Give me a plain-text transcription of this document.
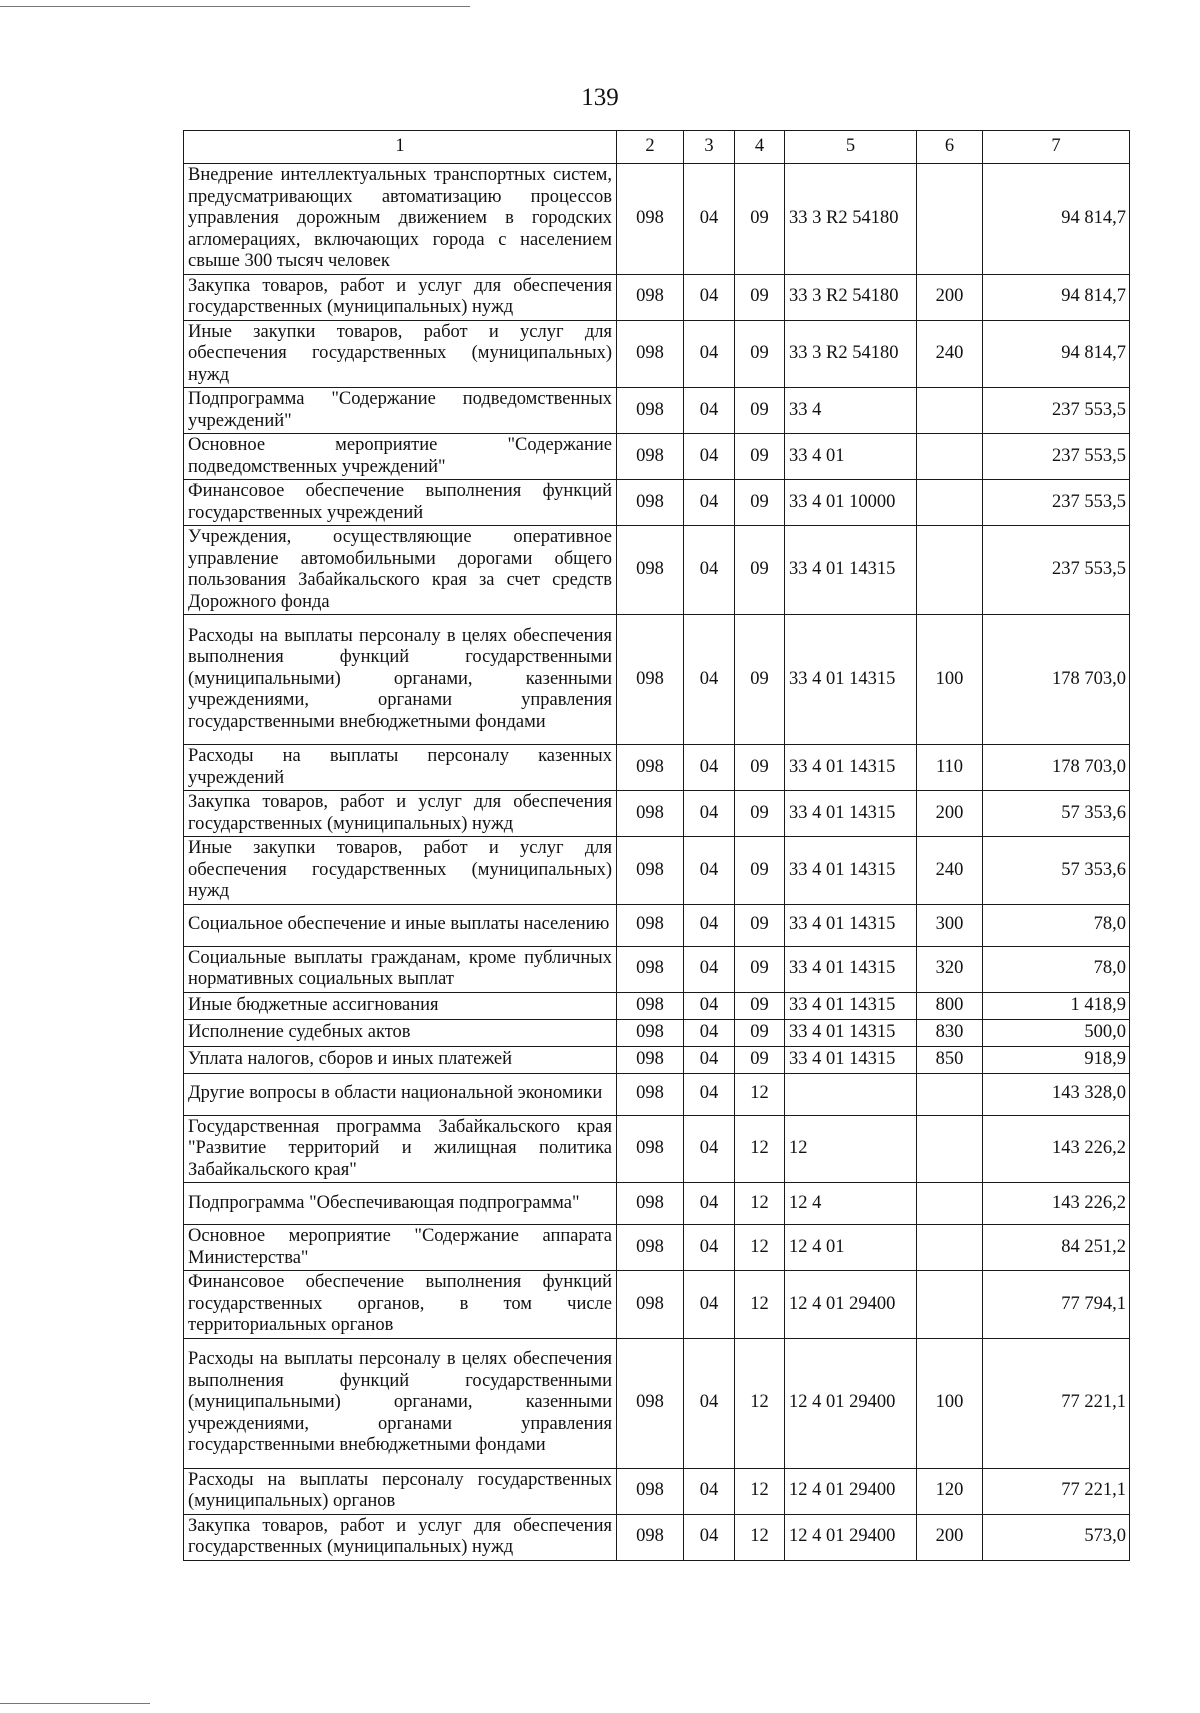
139
1	2	3	4	5	6	7
Внедрение интеллектуальных транспортных систем, предусматривающих автоматизацию процессов управления дорожным движением в городских агломерациях, включающих города с населением свыше 300 тысяч человек	098	04	09	33 3 R2 54180		94 814,7
Закупка товаров, работ и услуг для обеспечения государственных (муниципальных) нужд	098	04	09	33 3 R2 54180	200	94 814,7
Иные закупки товаров, работ и услуг для обеспечения государственных (муниципальных) нужд	098	04	09	33 3 R2 54180	240	94 814,7
Подпрограмма "Содержание подведомственных учреждений"	098	04	09	33 4		237 553,5
Основное мероприятие "Содержание подведомственных учреждений"	098	04	09	33 4 01		237 553,5
Финансовое обеспечение выполнения функций государственных учреждений	098	04	09	33 4 01 10000		237 553,5
Учреждения, осуществляющие оперативное управление автомобильными дорогами общего пользования Забайкальского края за счет средств Дорожного фонда	098	04	09	33 4 01 14315		237 553,5
Расходы на выплаты персоналу в целях обеспечения выполнения функций государственными (муниципальными) органами, казенными учреждениями, органами управления государственными внебюджетными фондами	098	04	09	33 4 01 14315	100	178 703,0
Расходы на выплаты персоналу казенных учреждений	098	04	09	33 4 01 14315	110	178 703,0
Закупка товаров, работ и услуг для обеспечения государственных (муниципальных) нужд	098	04	09	33 4 01 14315	200	57 353,6
Иные закупки товаров, работ и услуг для обеспечения государственных (муниципальных) нужд	098	04	09	33 4 01 14315	240	57 353,6
Социальное обеспечение и иные выплаты населению	098	04	09	33 4 01 14315	300	78,0
Социальные выплаты гражданам, кроме публичных нормативных социальных выплат	098	04	09	33 4 01 14315	320	78,0
Иные бюджетные ассигнования	098	04	09	33 4 01 14315	800	1 418,9
Исполнение судебных актов	098	04	09	33 4 01 14315	830	500,0
Уплата налогов, сборов и иных платежей	098	04	09	33 4 01 14315	850	918,9
Другие вопросы в области национальной экономики	098	04	12			143 328,0
Государственная программа Забайкальского края "Развитие территорий и жилищная политика Забайкальского края"	098	04	12	12		143 226,2
Подпрограмма "Обеспечивающая подпрограмма"	098	04	12	12 4		143 226,2
Основное мероприятие "Содержание аппарата Министерства"	098	04	12	12 4 01		84 251,2
Финансовое обеспечение выполнения функций государственных органов, в том числе территориальных органов	098	04	12	12 4 01 29400		77 794,1
Расходы на выплаты персоналу в целях обеспечения выполнения функций государственными (муниципальными) органами, казенными учреждениями, органами управления государственными внебюджетными фондами	098	04	12	12 4 01 29400	100	77 221,1
Расходы на выплаты персоналу государственных (муниципальных) органов	098	04	12	12 4 01 29400	120	77 221,1
Закупка товаров, работ и услуг для обеспечения государственных (муниципальных) нужд	098	04	12	12 4 01 29400	200	573,0
